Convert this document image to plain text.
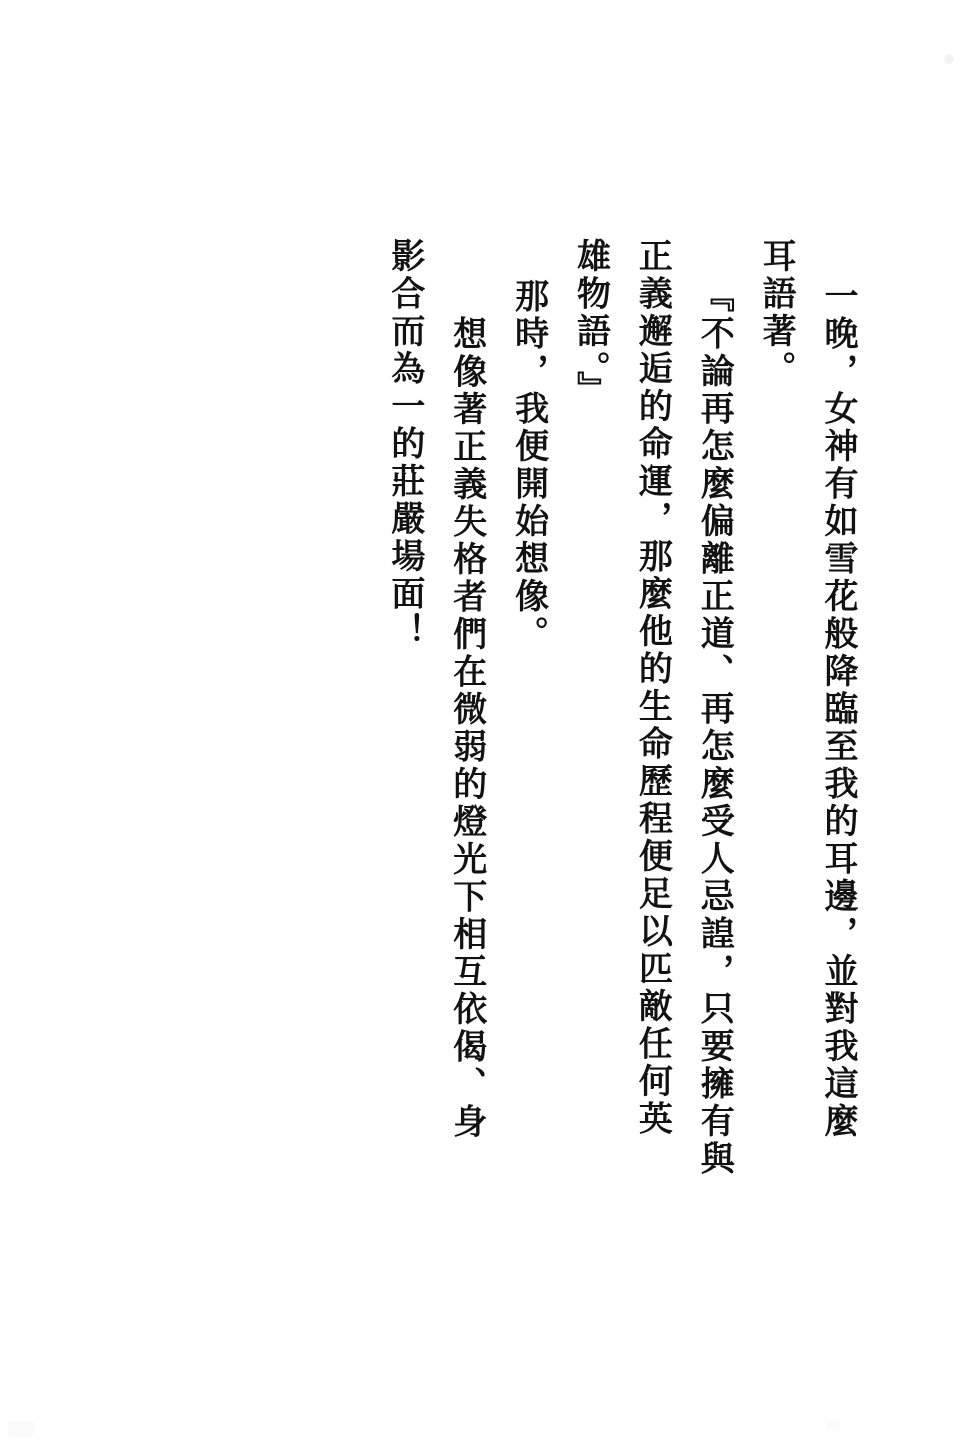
一晚，女神有如雪花般降臨至我的耳邊，並對我這麼

耳語著。

『不論再怎麼偏離正道、再怎麼受人忌諻，只要擁有與

正義邂逅的命運，那麼他的生命歷程便足以匹敵任何英

雄物語。』

那時，我便開始想像。

想像著正義失格者們在微弱的燈光下相互依偈、身

影合而為一的莊嚴場面！
